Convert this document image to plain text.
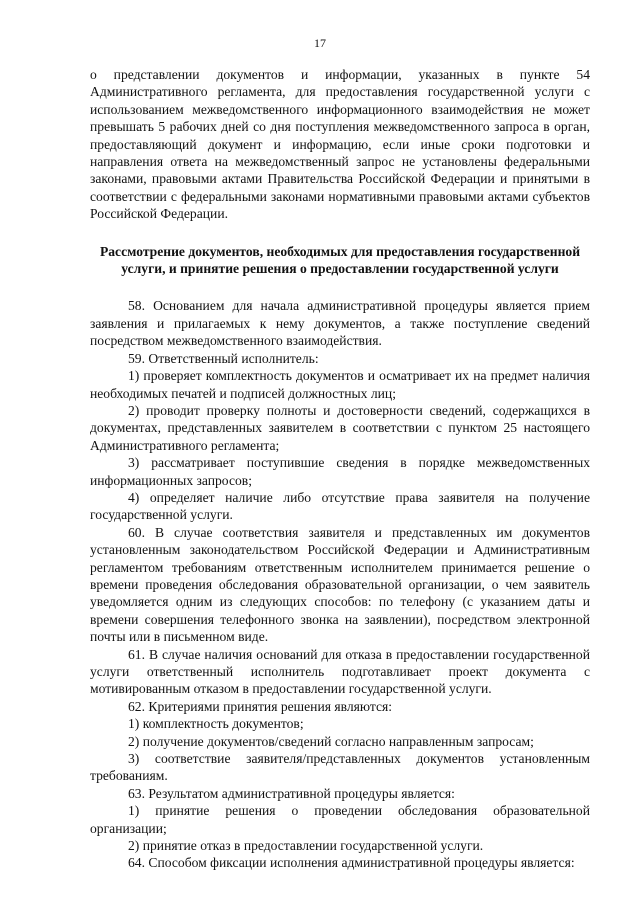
17

о представлении документов и информации, указанных в пункте 54 Административного регламента, для предоставления государственной услуги с использованием межведомственного информационного взаимодействия не может превышать 5 рабочих дней со дня поступления межведомственного запроса в орган, предоставляющий документ и информацию, если иные сроки подготовки и направления ответа на межведомственный запрос не установлены федеральными законами, правовыми актами Правительства Российской Федерации и принятыми в соответствии с федеральными законами нормативными правовыми актами субъектов Российской Федерации.

Рассмотрение документов, необходимых для предоставления государственной услуги, и принятие решения о предоставлении государственной услуги

58. Основанием для начала административной процедуры является прием заявления и прилагаемых к нему документов, а также поступление сведений посредством межведомственного взаимодействия.

59. Ответственный исполнитель:

1) проверяет комплектность документов и осматривает их на предмет наличия необходимых печатей и подписей должностных лиц;

2) проводит проверку полноты и достоверности сведений, содержащихся в документах, представленных заявителем в соответствии с пунктом 25 настоящего Административного регламента;

3) рассматривает поступившие сведения в порядке межведомственных информационных запросов;

4) определяет наличие либо отсутствие права заявителя на получение государственной услуги.

60. В случае соответствия заявителя и представленных им документов установленным законодательством Российской Федерации и Административным регламентом требованиям ответственным исполнителем принимается решение о времени проведения обследования образовательной организации, о чем заявитель уведомляется одним из следующих способов: по телефону (с указанием даты и времени совершения телефонного звонка на заявлении), посредством электронной почты или в письменном виде.

61. В случае наличия оснований для отказа в предоставлении государственной услуги ответственный исполнитель подготавливает проект документа с мотивированным отказом в предоставлении государственной услуги.

62. Критериями принятия решения являются:

1) комплектность документов;

2) получение документов/сведений согласно направленным запросам;

3) соответствие заявителя/представленных документов установленным требованиям.

63. Результатом административной процедуры является:

1) принятие решения о проведении обследования образовательной организации;

2) принятие отказ в предоставлении государственной услуги.

64. Способом фиксации исполнения административной процедуры является:
